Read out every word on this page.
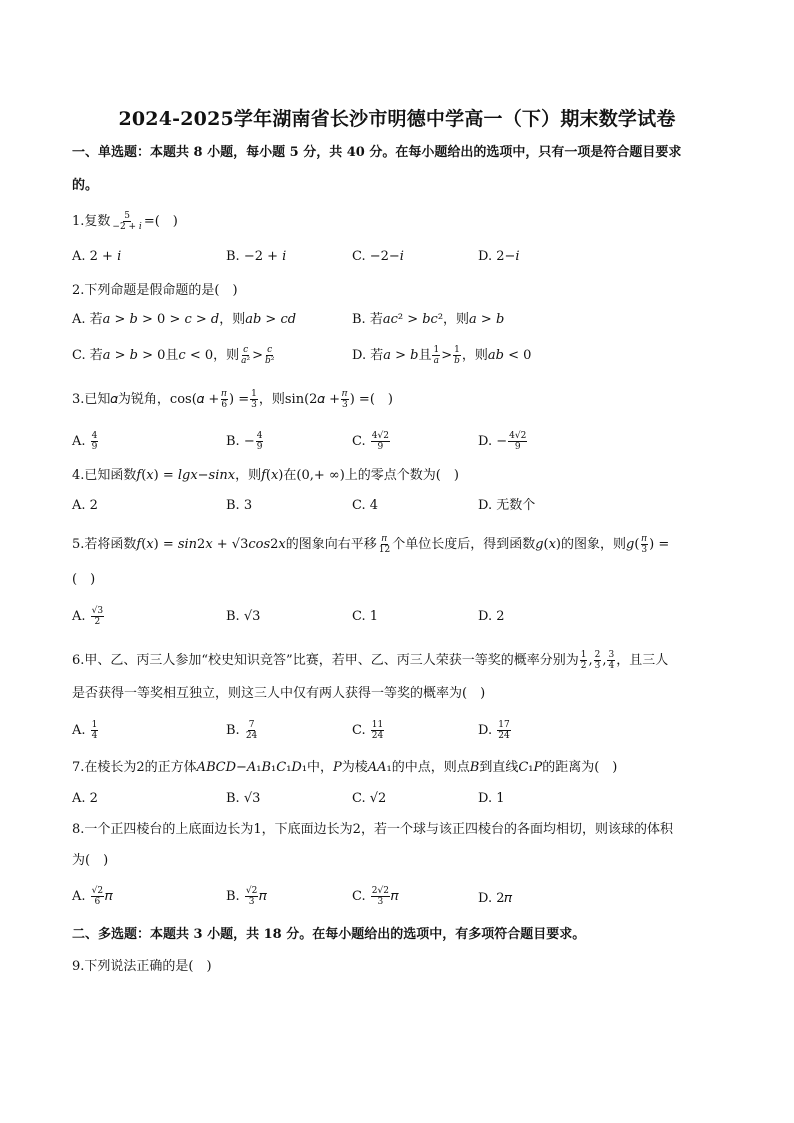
2024-2025学年湖南省长沙市明德中学高一（下）期末数学试卷
一、单选题：本题共 8 小题，每小题 5 分，共 40 分。在每小题给出的选项中，只有一项是符合题目要求
的。
1.复数 $\frac{5}{\text{−2 + 𝑖}}$ =(　)
A. 2 + 𝑖	B. −2 + 𝑖	C. −2−𝑖	D. 2−𝑖
2.下列命题是假命题的是(　)
A. 若𝑎 > 𝑏 > 0 > 𝑐 > 𝑑，则𝑎𝑏 > 𝑐𝑑	B. 若𝑎𝑐² > 𝑏𝑐²，则𝑎 > 𝑏
C. 若𝑎 > 𝑏 > 0且𝑐 < 0，则 $\frac{\text{𝑐}}{\text{𝑎²}} > \frac{\text{𝑐}}{\text{𝑏²}}$	D. 若𝑎 > 𝑏且 $\frac{1}{\text{𝑎}} > \frac{1}{\text{𝑏}}$ ，则𝑎𝑏 < 0
3.已知𝛼为锐角，cos(𝛼 + $\frac{\text{𝜋}}{6}$ ) = $\frac{1}{3}$ ，则sin(2𝛼 + $\frac{\text{𝜋}}{3}$ ) =(　)
A. $\frac{4}{9}$	B. − $\frac{4}{9}$	C. $\frac{4√2}{9}$	D. − $\frac{4√2}{9}$
4.已知函数𝑓(𝑥) = 𝑙𝑔𝑥−𝑠𝑖𝑛𝑥，则𝑓(𝑥)在(0,+ ∞)上的零点个数为(　)
A. 2	B. 3	C. 4	D. 无数个
5.若将函数𝑓(𝑥) = 𝑠𝑖𝑛2𝑥 + √3𝑐𝑜𝑠2𝑥的图象向右平移 $\frac{\text{𝜋}}{12}$ 个单位长度后，得到函数𝑔(𝑥)的图象，则𝑔( $\frac{\text{𝜋}}{3}$ ) =
(　)
A. $\frac{√3}{2}$	B. √3	C. 1	D. 2
6.甲、乙、丙三人参加“校史知识竞答”比赛，若甲、乙、丙三人荣获一等奖的概率分别为 $\frac{1}{2}$ , $\frac{2}{3}$ , $\frac{3}{4}$ ，且三人
是否获得一等奖相互独立，则这三人中仅有两人获得一等奖的概率为(　)
A. $\frac{1}{4}$	B. $\frac{7}{24}$	C. $\frac{11}{24}$	D. $\frac{17}{24}$
7.在棱长为2的正方体𝐴𝐵𝐶𝐷−𝐴₁𝐵₁𝐶₁𝐷₁中，𝑃为棱𝐴𝐴₁的中点，则点𝐵到直线𝐶₁𝑃的距离为(　)
A. 2	B. √3	C. √2	D. 1
8.一个正四棱台的上底面边长为1，下底面边长为2，若一个球与该正四棱台的各面均相切，则该球的体积
为(　)
A. $\frac{√2}{6}$ 𝜋	B. $\frac{√2}{3}$ 𝜋	C. $\frac{2√2}{3}$ 𝜋	D. 2𝜋
二、多选题：本题共 3 小题，共 18 分。在每小题给出的选项中，有多项符合题目要求。
9.下列说法正确的是(　)
